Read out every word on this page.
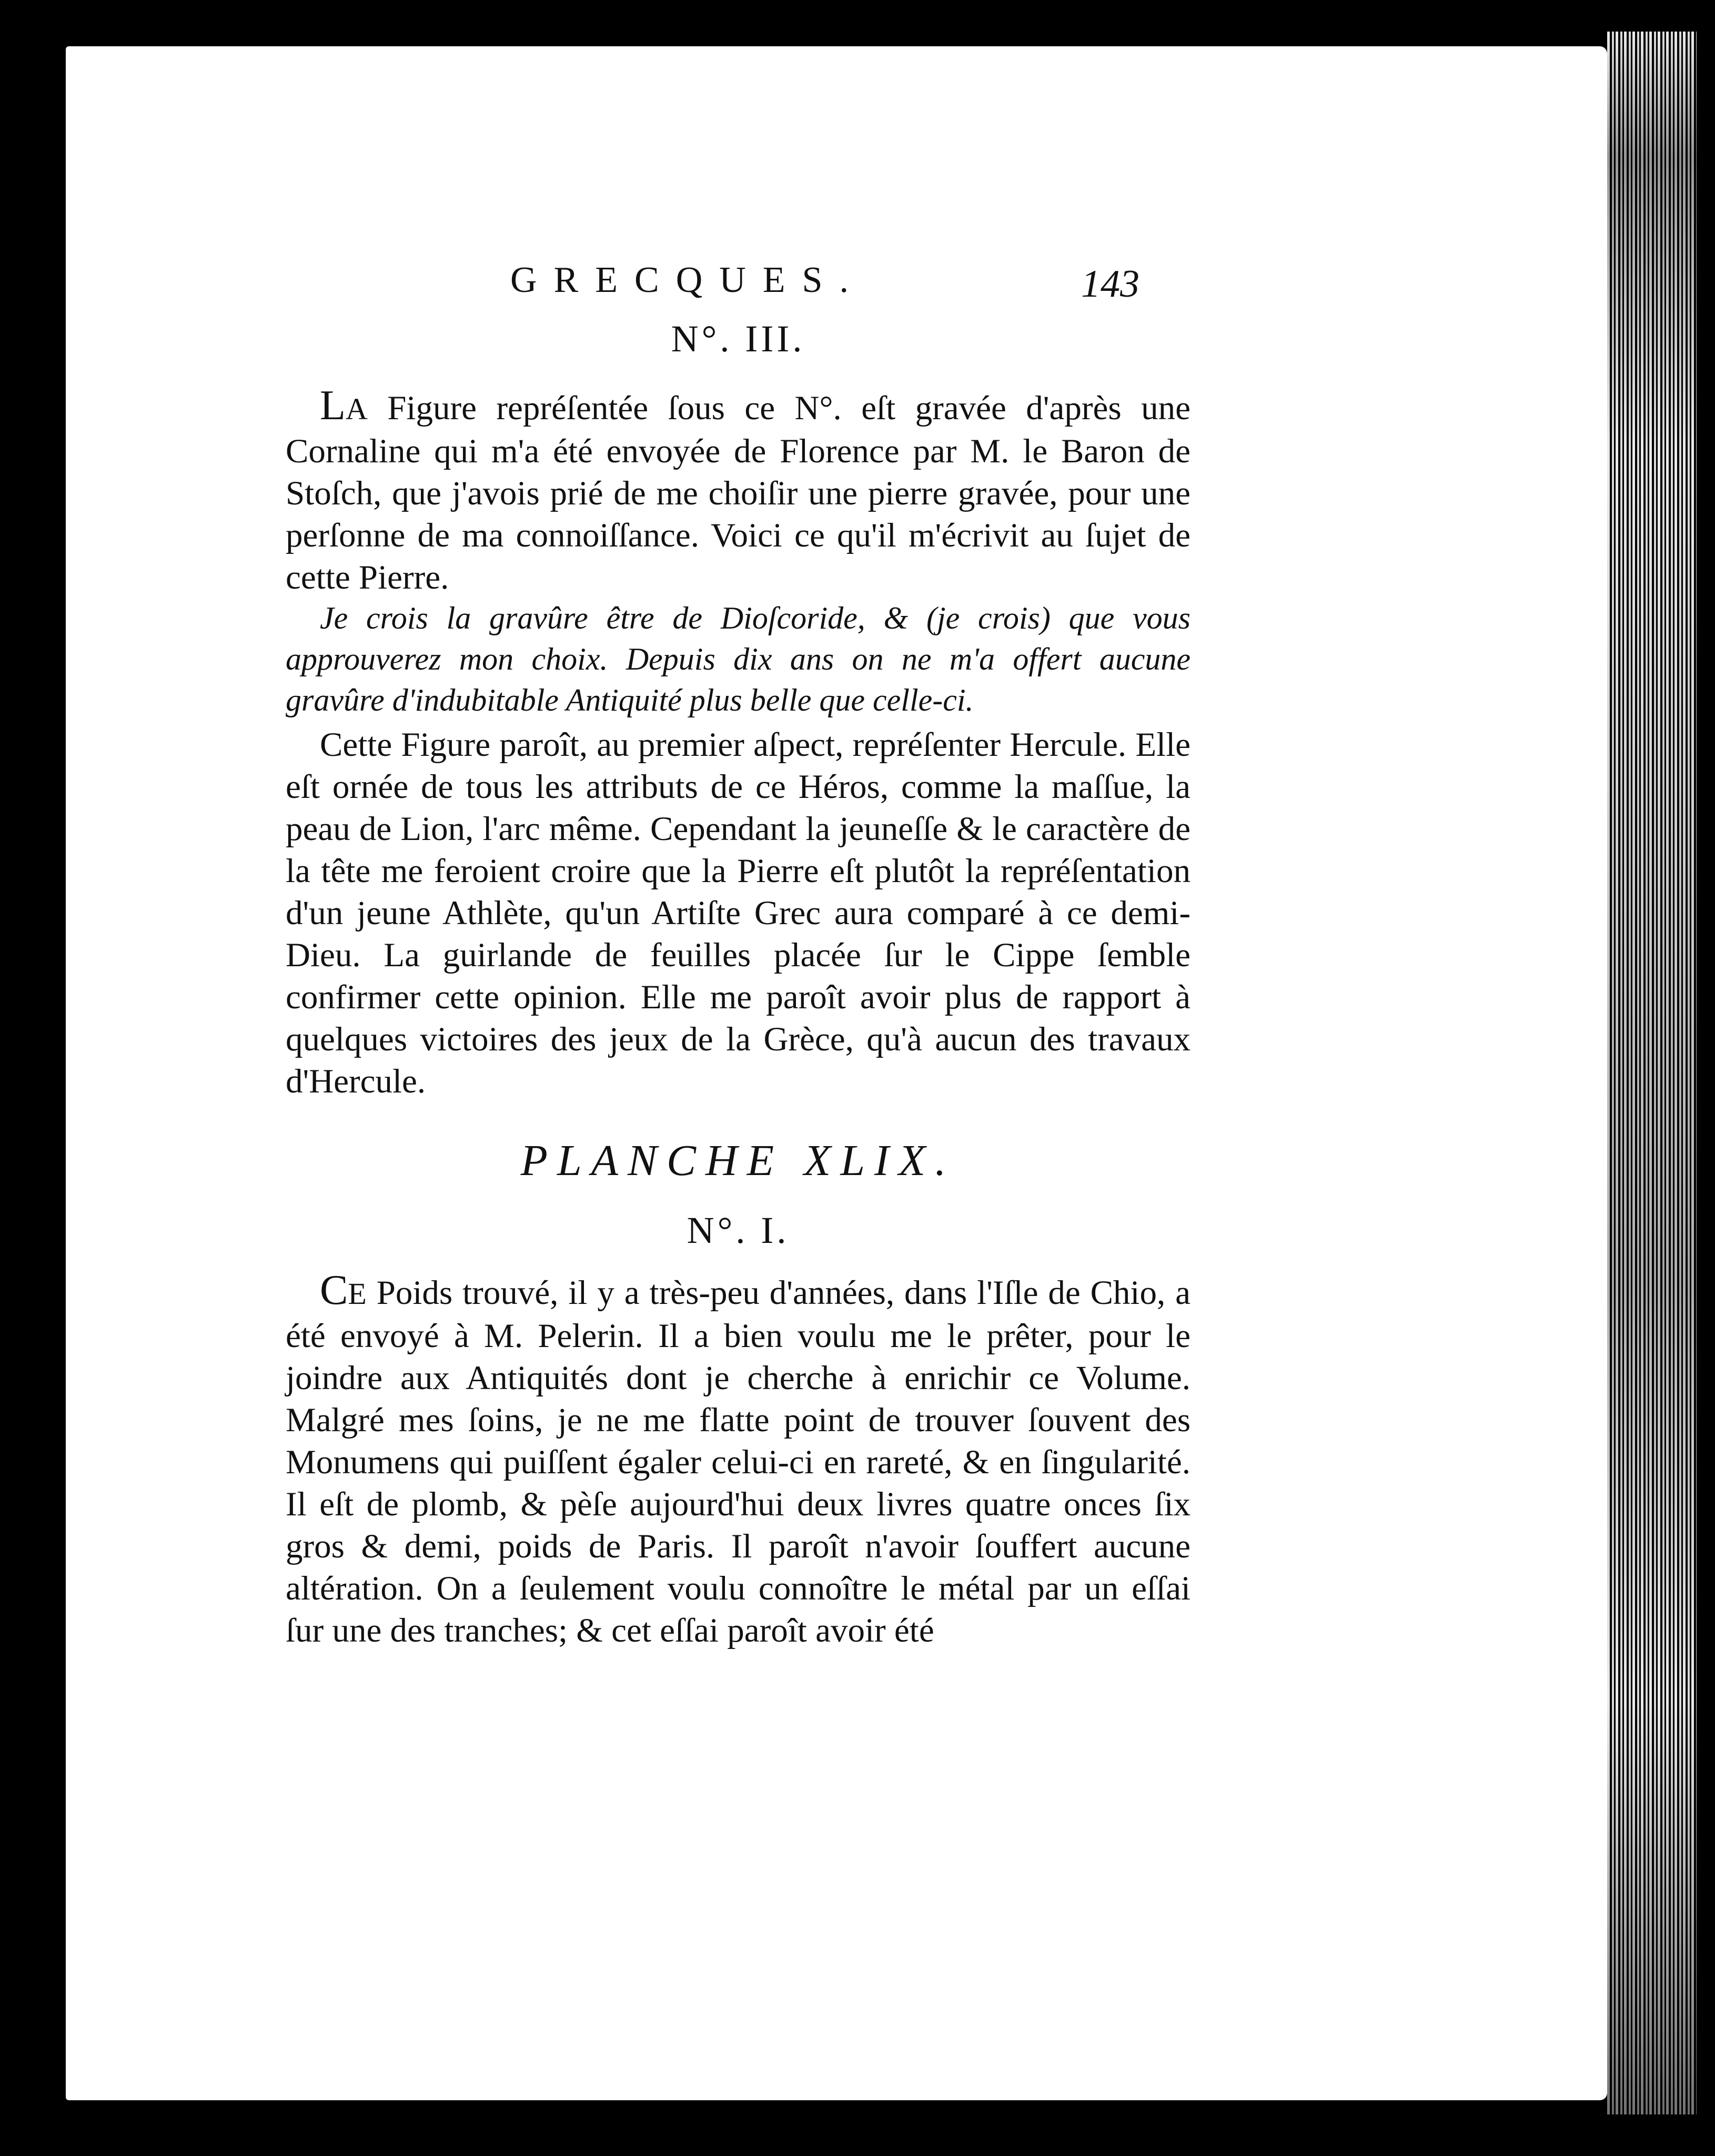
GRECQUES.	143
N°. III.

LA Figure repréſentée ſous ce N°. eſt gravée d'après une Cornaline qui m'a été envoyée de Florence par M. le Baron de Stoſch, que j'avois prié de me choiſir une pierre gravée, pour une perſonne de ma connoiſſance. Voici ce qu'il m'écrivit au ſujet de cette Pierre.

Je crois la gravûre être de Dioſcoride, & (je crois) que vous approuverez mon choix. Depuis dix ans on ne m'a offert aucune gravûre d'indubitable Antiquité plus belle que celle-ci.

Cette Figure paroît, au premier aſpect, repréſenter Hercule. Elle eſt ornée de tous les attributs de ce Héros, comme la maſſue, la peau de Lion, l'arc même. Cependant la jeuneſſe & le caractère de la tête me feroient croire que la Pierre eſt plutôt la repréſentation d'un jeune Athlète, qu'un Artiſte Grec aura comparé à ce demi-Dieu. La guirlande de feuilles placée ſur le Cippe ſemble confirmer cette opinion. Elle me paroît avoir plus de rapport à quelques victoires des jeux de la Grèce, qu'à aucun des travaux d'Hercule.

PLANCHE XLIX.
N°. I.

CE Poids trouvé, il y a très-peu d'années, dans l'Iſle de Chio, a été envoyé à M. Pelerin. Il a bien voulu me le prêter, pour le joindre aux Antiquités dont je cherche à enrichir ce Volume. Malgré mes ſoins, je ne me flatte point de trouver ſouvent des Monumens qui puiſſent égaler celui-ci en rareté, & en ſingularité. Il eſt de plomb, & pèſe aujourd'hui deux livres quatre onces ſix gros & demi, poids de Paris. Il paroît n'avoir ſouffert aucune altération. On a ſeulement voulu connoître le métal par un eſſai ſur une des tranches; & cet eſſai paroît avoir été
